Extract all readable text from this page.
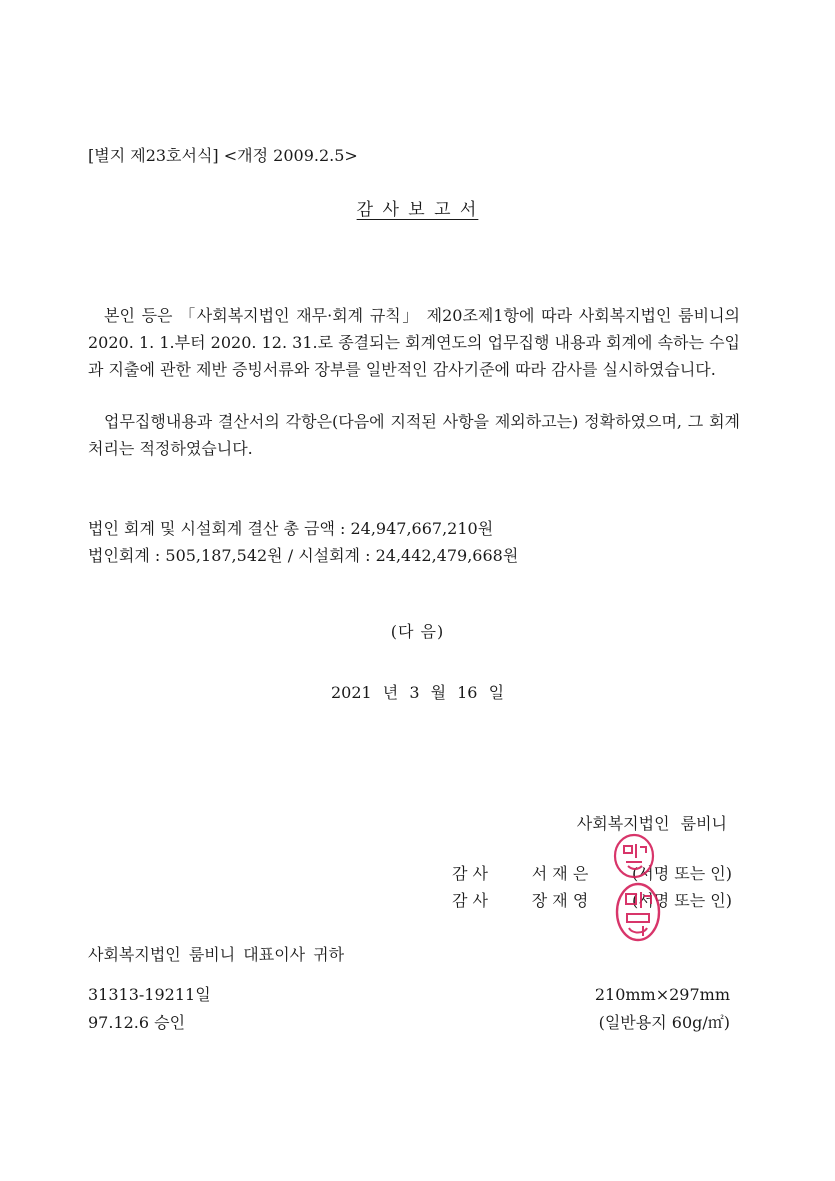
[별지 제23호서식] <개정 2009.2.5>
감 사 보 고 서
본인 등은 「사회복지법인 재무·회계 규칙」 제20조제1항에 따라 사회복지법인 룸비니의 2020. 1. 1.부터 2020. 12. 31.로 종결되는 회계연도의 업무집행 내용과 회계에 속하는 수입과 지출에 관한 제반 증빙서류와 장부를 일반적인 감사기준에 따라 감사를 실시하였습니다.
업무집행내용과 결산서의 각항은(다음에 지적된 사항을 제외하고는) 정확하였으며, 그 회계처리는 적정하였습니다.
법인 회계 및 시설회계 결산 총 금액 : 24,947,667,210원
법인회계 : 505,187,542원 / 시설회계 : 24,442,479,668원
(다 음)
2021 년 3 월 16 일
사회복지법인 룸비니
감 사	서 재 은	(서명 또는 인)
감 사	장 재 영	(서명 또는 인)
사회복지법인 룸비니 대표이사 귀하
31313-19211일
97.12.6 승인
210mm×297mm
(일반용지 60g/㎡)
